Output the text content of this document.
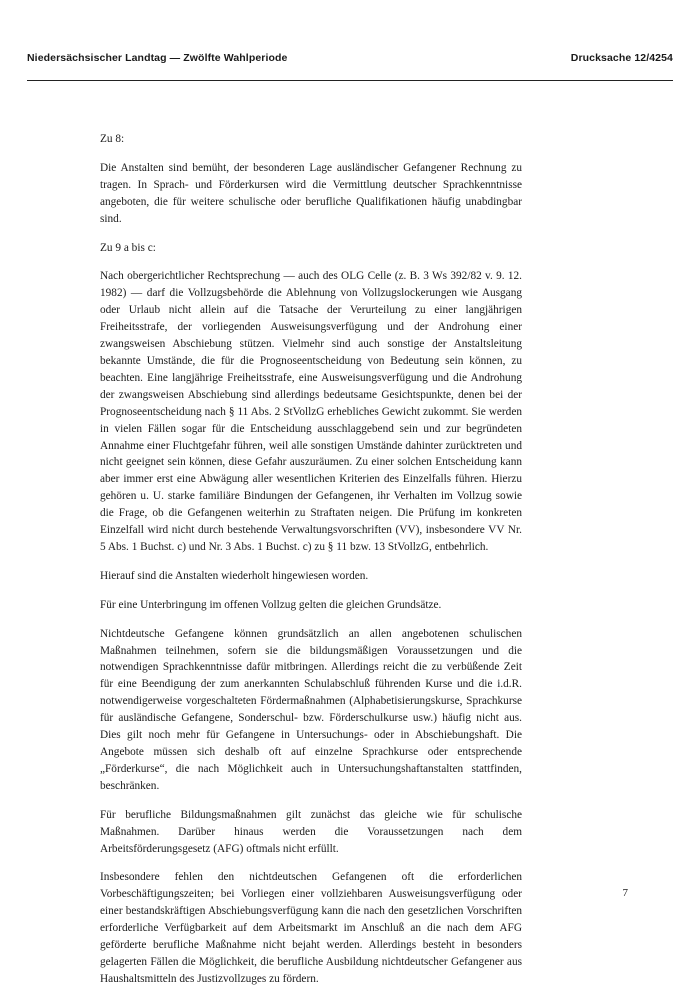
Niedersächsischer Landtag — Zwölfte Wahlperiode	Drucksache 12/4254

Zu 8:

Die Anstalten sind bemüht, der besonderen Lage ausländischer Gefangener Rechnung zu tragen. In Sprach- und Förderkursen wird die Vermittlung deutscher Sprachkenntnisse angeboten, die für weitere schulische oder berufliche Qualifikationen häufig unabdingbar sind.

Zu 9 a bis c:

Nach obergerichtlicher Rechtsprechung — auch des OLG Celle (z. B. 3 Ws 392/82 v. 9. 12. 1982) — darf die Vollzugsbehörde die Ablehnung von Vollzugslockerungen wie Ausgang oder Urlaub nicht allein auf die Tatsache der Verurteilung zu einer langjährigen Freiheitsstrafe, der vorliegenden Ausweisungsverfügung und der Androhung einer zwangsweisen Abschiebung stützen. Vielmehr sind auch sonstige der Anstaltsleitung bekannte Umstände, die für die Prognoseentscheidung von Bedeutung sein können, zu beachten. Eine langjährige Freiheitsstrafe, eine Ausweisungsverfügung und die Androhung der zwangsweisen Abschiebung sind allerdings bedeutsame Gesichtspunkte, denen bei der Prognoseentscheidung nach § 11 Abs. 2 StVollzG erhebliches Gewicht zukommt. Sie werden in vielen Fällen sogar für die Entscheidung ausschlaggebend sein und zur begründeten Annahme einer Fluchtgefahr führen, weil alle sonstigen Umstände dahinter zurücktreten und nicht geeignet sein können, diese Gefahr auszuräumen. Zu einer solchen Entscheidung kann aber immer erst eine Abwägung aller wesentlichen Kriterien des Einzelfalls führen. Hierzu gehören u. U. starke familiäre Bindungen der Gefangenen, ihr Verhalten im Vollzug sowie die Frage, ob die Gefangenen weiterhin zu Straftaten neigen. Die Prüfung im konkreten Einzelfall wird nicht durch bestehende Verwaltungsvorschriften (VV), insbesondere VV Nr. 5 Abs. 1 Buchst. c) und Nr. 3 Abs. 1 Buchst. c) zu § 11 bzw. 13 StVollzG, entbehrlich.

Hierauf sind die Anstalten wiederholt hingewiesen worden.

Für eine Unterbringung im offenen Vollzug gelten die gleichen Grundsätze.

Nichtdeutsche Gefangene können grundsätzlich an allen angebotenen schulischen Maßnahmen teilnehmen, sofern sie die bildungsmäßigen Voraussetzungen und die notwendigen Sprachkenntnisse dafür mitbringen. Allerdings reicht die zu verbüßende Zeit für eine Beendigung der zum anerkannten Schulabschluß führenden Kurse und die i.d.R. notwendigerweise vorgeschalteten Fördermaßnahmen (Alphabetisierungskurse, Sprachkurse für ausländische Gefangene, Sonderschul- bzw. Förderschulkurse usw.) häufig nicht aus. Dies gilt noch mehr für Gefangene in Untersuchungs- oder in Abschiebungshaft. Die Angebote müssen sich deshalb oft auf einzelne Sprachkurse oder entsprechende „Förderkurse“, die nach Möglichkeit auch in Untersuchungshaftanstalten stattfinden, beschränken.

Für berufliche Bildungsmaßnahmen gilt zunächst das gleiche wie für schulische Maßnahmen. Darüber hinaus werden die Voraussetzungen nach dem Arbeitsförderungsgesetz (AFG) oftmals nicht erfüllt.

Insbesondere fehlen den nichtdeutschen Gefangenen oft die erforderlichen Vorbeschäftigungszeiten; bei Vorliegen einer vollziehbaren Ausweisungsverfügung oder einer bestandskräftigen Abschiebungsverfügung kann die nach den gesetzlichen Vorschriften erforderliche Verfügbarkeit auf dem Arbeitsmarkt im Anschluß an die nach dem AFG geförderte berufliche Maßnahme nicht bejaht werden. Allerdings besteht in besonders gelagerten Fällen die Möglichkeit, die berufliche Ausbildung nichtdeutscher Gefangener aus Haushaltsmitteln des Justizvollzuges zu fördern.

7
